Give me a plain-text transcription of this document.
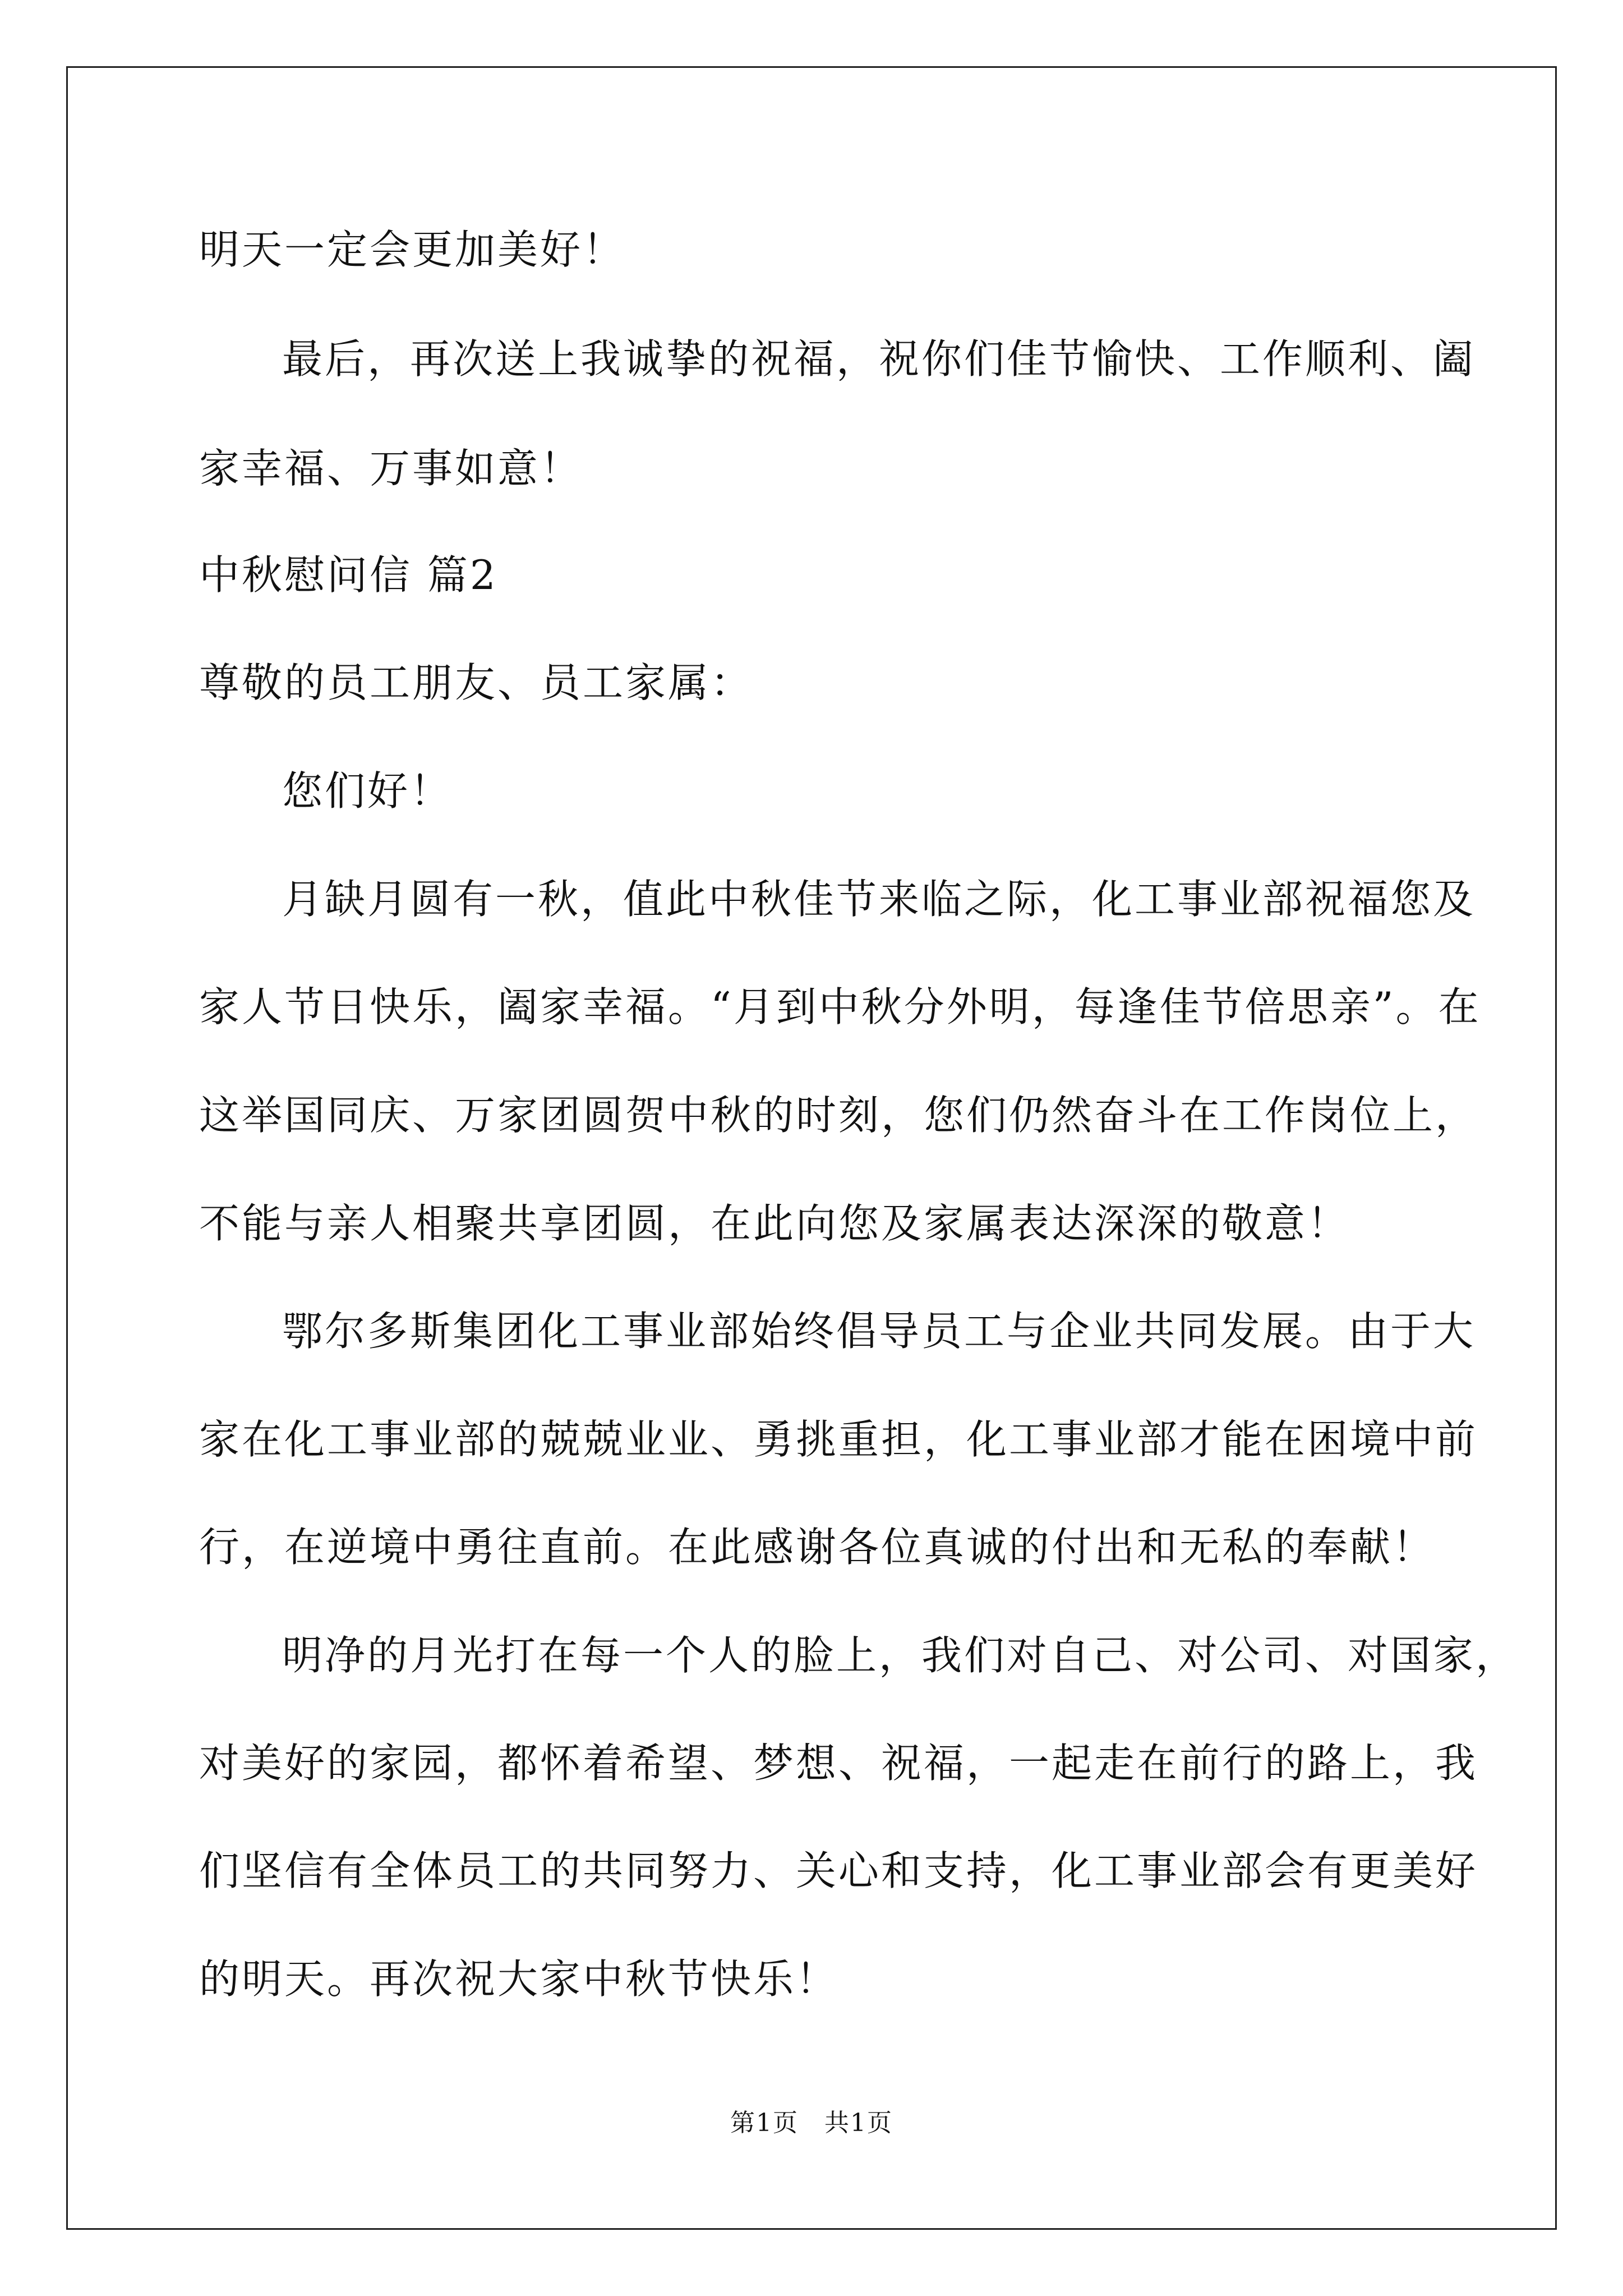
明天一定会更加美好！
最后，再次送上我诚挚的祝福，祝你们佳节愉快、工作顺利、阖
家幸福、万事如意！
中秋慰问信 篇2
尊敬的员工朋友、员工家属：
您们好！
月缺月圆有一秋，值此中秋佳节来临之际，化工事业部祝福您及
家人节日快乐，阖家幸福。“月到中秋分外明，每逢佳节倍思亲”。在
这举国同庆、万家团圆贺中秋的时刻，您们仍然奋斗在工作岗位上，
不能与亲人相聚共享团圆，在此向您及家属表达深深的敬意！
鄂尔多斯集团化工事业部始终倡导员工与企业共同发展。由于大
家在化工事业部的兢兢业业、勇挑重担，化工事业部才能在困境中前
行，在逆境中勇往直前。在此感谢各位真诚的付出和无私的奉献！
明净的月光打在每一个人的脸上，我们对自己、对公司、对国家，
对美好的家园，都怀着希望、梦想、祝福，一起走在前行的路上，我
们坚信有全体员工的共同努力、关心和支持，化工事业部会有更美好
的明天。再次祝大家中秋节快乐！
第1页　共1页
